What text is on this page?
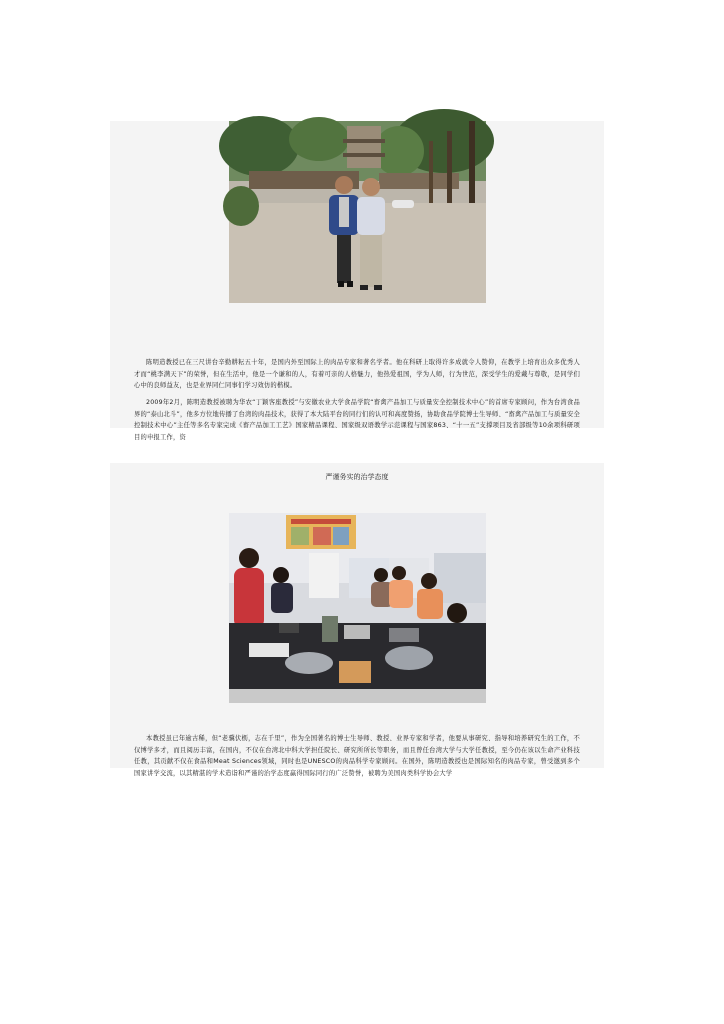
陈明造教授已在三尺讲台辛勤耕耘五十年，是国内外至国际上的肉品专家和著名学者。他在科研上取得许多成就令人赞仰，在教学上培育出众多优秀人才而“桃李满天下”的荣誉，但在生活中，他是一个谦和的人，有着可亲的人格魅力，他热爱祖国，学为人师，行为世范，深受学生的爱戴与尊敬，是同学们心中的良师益友，也是业界同仁同事们学习效仿的楷模。

2009年2月，陈明造教授被聘为华农“丁颖客座教授”与安徽农业大学食品学院“畜禽产品加工与质量安全控制技术中心”的首席专家顾问，作为台湾食品界的“泰山北斗”，他多方位地传播了台湾的肉品技术，获得了本大陆平台的同行们的认可和高度赞扬，协助食品学院博士生导师、“畜禽产品加工与质量安全控制技术中心”主任等多名专家完成《畜产品加工工艺》国家精品课程、国家级双语教学示范课程与国家863、“十一五”支撑项目及省部级等10余项科研项目的申报工作，资

严谨务实的治学态度

本教授虽已年逾古稀，但“老骥伏枥，志在千里”，作为全国著名的博士生导师、教授、业界专家和学者，他要从事研究、指导和培养研究生的工作，不仅博学多才，而且阅历丰富，在国内，不仅在台湾北中科大学担任院长、研究所所长等职务，而且曾任台湾大学与大学任教授，至今仍在该以生命产业科技任教，其贡献不仅在食品和Meat Sciences领域，同时也是UNESCO的肉品科学专家顾问。在国外，陈明造教授也是国际知名的肉品专家，曾受邀到多个国家讲学交流，以其精湛的学术造诣和严谨的治学态度赢得国际同行的广泛赞誉，被聘为美国肉类科学协会大学
